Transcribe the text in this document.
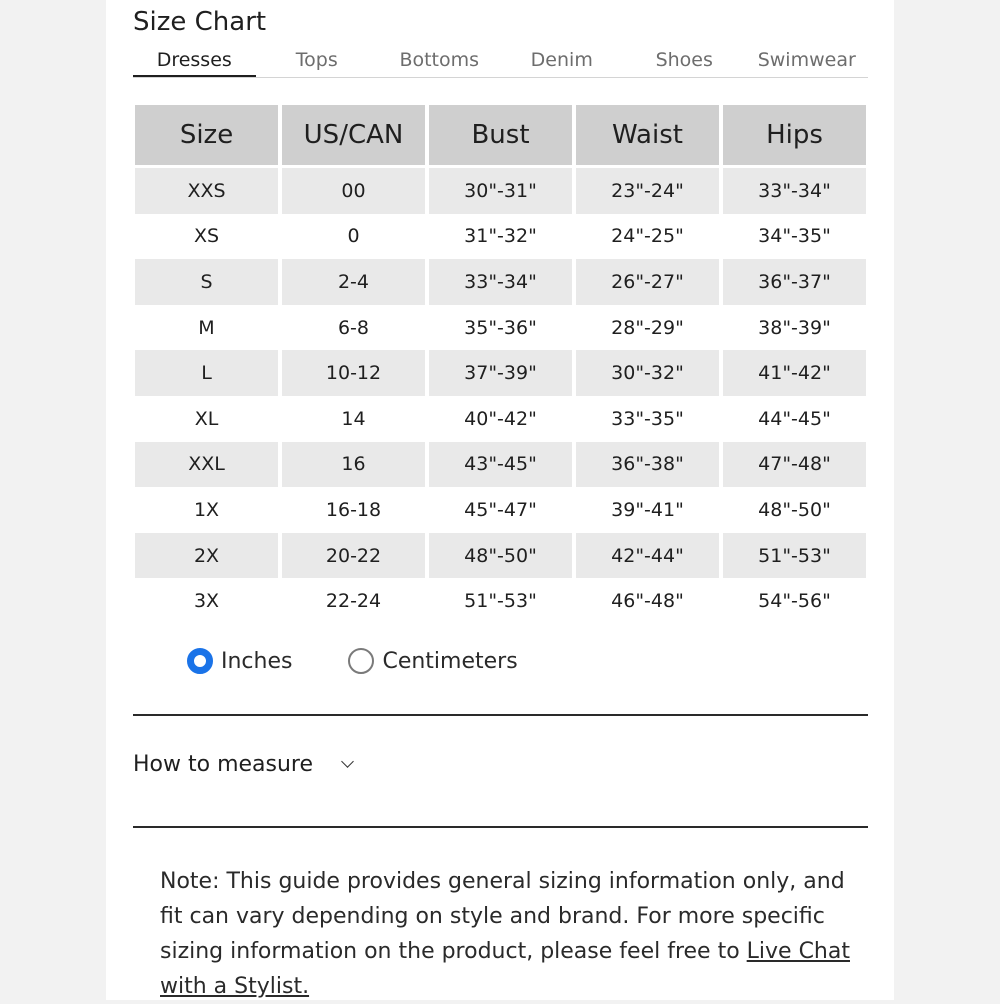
Size Chart
Dresses	Tops	Bottoms	Denim	Shoes	Swimwear
Size	US/CAN	Bust	Waist	Hips
XXS	00	30"-31"	23"-24"	33"-34"
XS	0	31"-32"	24"-25"	34"-35"
S	2-4	33"-34"	26"-27"	36"-37"
M	6-8	35"-36"	28"-29"	38"-39"
L	10-12	37"-39"	30"-32"	41"-42"
XL	14	40"-42"	33"-35"	44"-45"
XXL	16	43"-45"	36"-38"	47"-48"
1X	16-18	45"-47"	39"-41"	48"-50"
2X	20-22	48"-50"	42"-44"	51"-53"
3X	22-24	51"-53"	46"-48"	54"-56"
Inches	Centimeters
How to measure
Note: This guide provides general sizing information only, and fit can vary depending on style and brand. For more specific sizing information on the product, please feel free to Live Chat with a Stylist.
